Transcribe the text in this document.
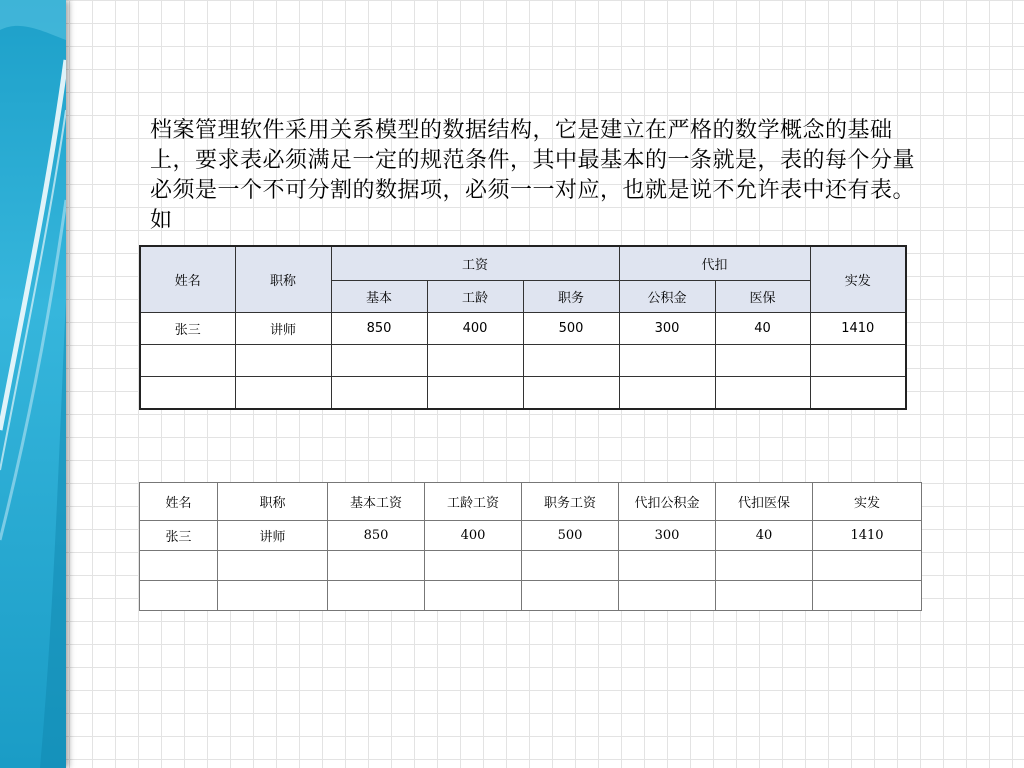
档案管理软件采用关系模型的数据结构，它是建立在严格的数学概念的基础上，要求表必须满足一定的规范条件，其中最基本的一条就是，表的每个分量必须是一个不可分割的数据项，必须一一对应，也就是说不允许表中还有表。如

姓名	职称	工资			代扣		实发
		基本	工龄	职务	公积金	医保	
张三	讲师	850	400	500	300	40	1410

姓名	职称	基本工资	工龄工资	职务工资	代扣公积金	代扣医保	实发
张三	讲师	850	400	500	300	40	1410
